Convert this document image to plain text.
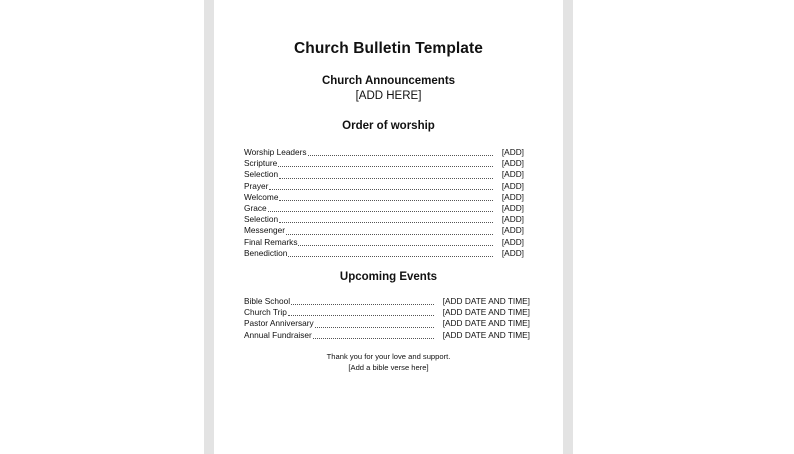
Church Bulletin Template
Church Announcements
[ADD HERE]
Order of worship
Worship Leaders	[ADD]
Scripture	[ADD]
Selection	[ADD]
Prayer	[ADD]
Welcome	[ADD]
Grace	[ADD]
Selection	[ADD]
Messenger	[ADD]
Final Remarks	[ADD]
Benediction	[ADD]
Upcoming Events
Bible School	[ADD DATE AND TIME]
Church Trip	[ADD DATE AND TIME]
Pastor Anniversary	[ADD DATE AND TIME]
Annual Fundraiser	[ADD DATE AND TIME]
Thank you for your love and support.
[Add a bible verse here]
